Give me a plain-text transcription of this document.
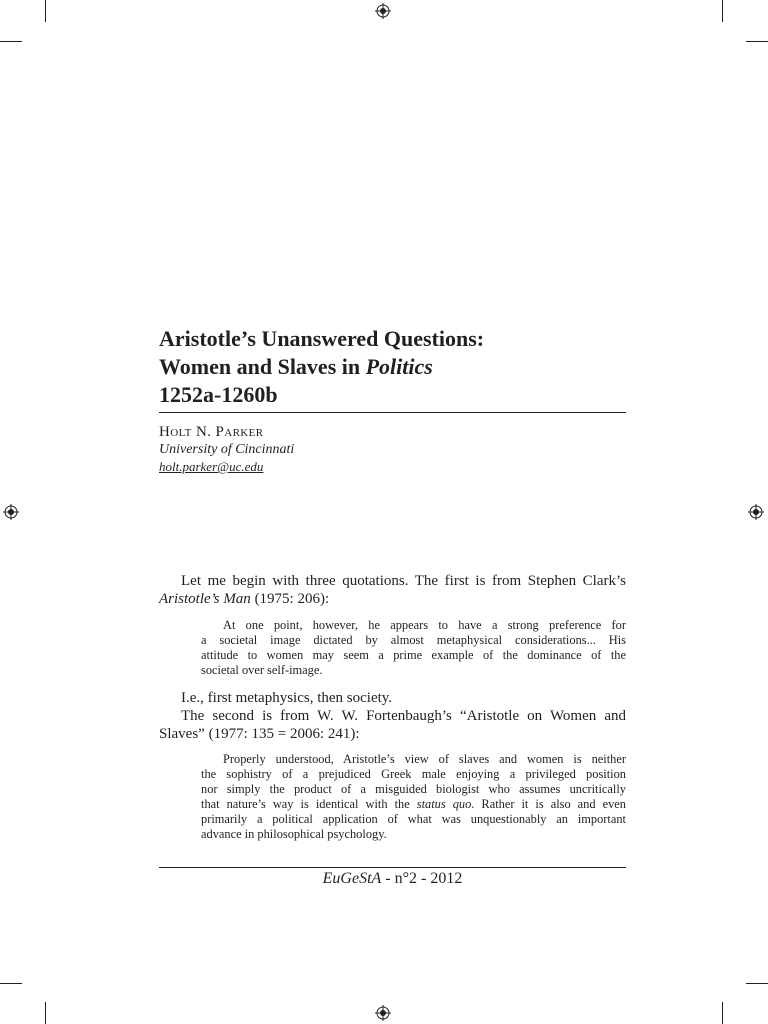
Aristotle’s Unanswered Questions:
Women and Slaves in Politics
1252a-1260b
Holt N. Parker
University of Cincinnati
holt.parker@uc.edu
Let me begin with three quotations. The first is from Stephen Clark’s
Aristotle’s Man (1975: 206):
At one point, however, he appears to have a strong preference for
a societal image dictated by almost metaphysical considerations... His
attitude to women may seem a prime example of the dominance of the
societal over self-image.
I.e., first metaphysics, then society.
The second is from W. W. Fortenbaugh’s “Aristotle on Women and
Slaves” (1977: 135 = 2006: 241):
Properly understood, Aristotle’s view of slaves and women is neither
the sophistry of a prejudiced Greek male enjoying a privileged position
nor simply the product of a misguided biologist who assumes uncritically
that nature’s way is identical with the status quo. Rather it is also and even
primarily a political application of what was unquestionably an important
advance in philosophical psychology.
EuGeStA - n°2 - 2012
